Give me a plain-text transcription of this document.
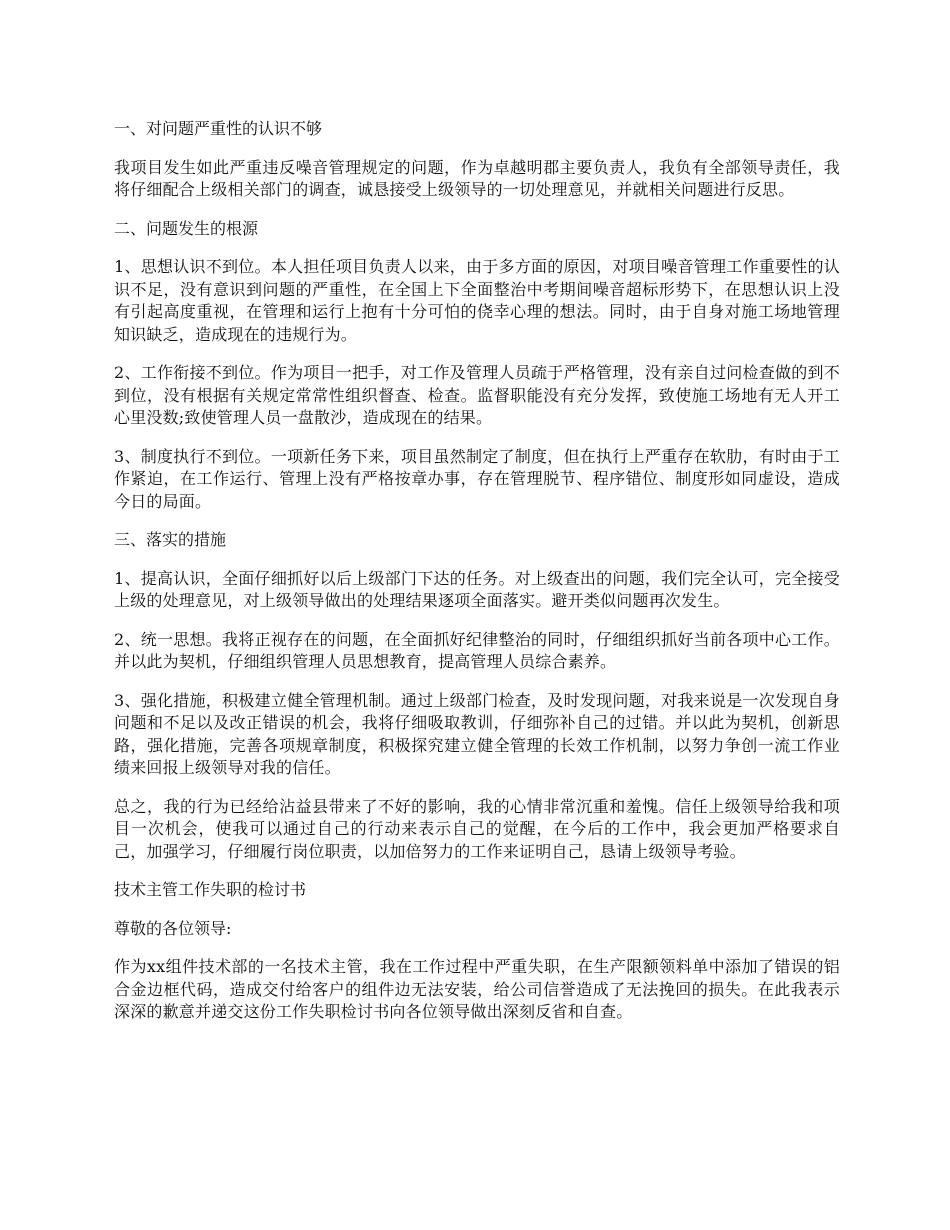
一、对问题严重性的认识不够

我项目发生如此严重违反噪音管理规定的问题，作为卓越明郡主要负责人，我负有全部领导责任，我将仔细配合上级相关部门的调查，诚恳接受上级领导的一切处理意见，并就相关问题进行反思。

二、问题发生的根源

1、思想认识不到位。本人担任项目负责人以来，由于多方面的原因，对项目噪音管理工作重要性的认识不足，没有意识到问题的严重性，在全国上下全面整治中考期间噪音超标形势下，在思想认识上没有引起高度重视，在管理和运行上抱有十分可怕的侥幸心理的想法。同时，由于自身对施工场地管理知识缺乏，造成现在的违规行为。

2、工作衔接不到位。作为项目一把手，对工作及管理人员疏于严格管理，没有亲自过问检查做的到不到位，没有根据有关规定常常性组织督查、检查。监督职能没有充分发挥，致使施工场地有无人开工心里没数;致使管理人员一盘散沙，造成现在的结果。

3、制度执行不到位。一项新任务下来，项目虽然制定了制度，但在执行上严重存在软肋，有时由于工作紧迫，在工作运行、管理上没有严格按章办事，存在管理脱节、程序错位、制度形如同虚设，造成今日的局面。

三、落实的措施

1、提高认识，全面仔细抓好以后上级部门下达的任务。对上级查出的问题，我们完全认可，完全接受上级的处理意见，对上级领导做出的处理结果逐项全面落实。避开类似问题再次发生。

2、统一思想。我将正视存在的问题，在全面抓好纪律整治的同时，仔细组织抓好当前各项中心工作。并以此为契机，仔细组织管理人员思想教育，提高管理人员综合素养。

3、强化措施，积极建立健全管理机制。通过上级部门检查，及时发现问题，对我来说是一次发现自身问题和不足以及改正错误的机会，我将仔细吸取教训，仔细弥补自己的过错。并以此为契机，创新思路，强化措施，完善各项规章制度，积极探究建立健全管理的长效工作机制，以努力争创一流工作业绩来回报上级领导对我的信任。

总之，我的行为已经给沾益县带来了不好的影响，我的心情非常沉重和羞愧。信任上级领导给我和项目一次机会，使我可以通过自己的行动来表示自己的觉醒，在今后的工作中，我会更加严格要求自己，加强学习，仔细履行岗位职责，以加倍努力的工作来证明自己，恳请上级领导考验。

技术主管工作失职的检讨书

尊敬的各位领导:

作为xx组件技术部的一名技术主管，我在工作过程中严重失职，在生产限额领料单中添加了错误的铝合金边框代码，造成交付给客户的组件边无法安装，给公司信誉造成了无法挽回的损失。在此我表示深深的歉意并递交这份工作失职检讨书向各位领导做出深刻反省和自查。
